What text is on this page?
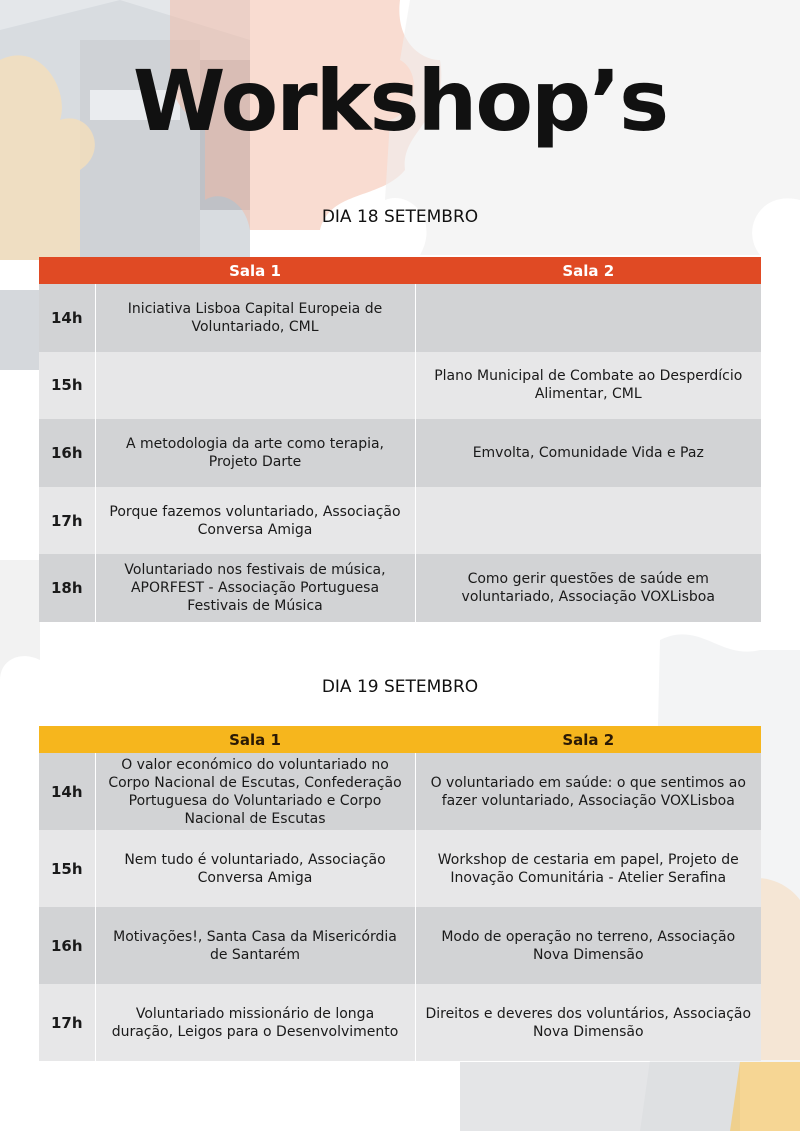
Workshop’s
DIA 18 SETEMBRO
	Sala 1	Sala 2
14h	Iniciativa Lisboa Capital Europeia de Voluntariado, CML	
15h		Plano Municipal de Combate ao Desperdício Alimentar, CML
16h	A metodologia da arte como terapia, Projeto Darte	Emvolta, Comunidade Vida e Paz
17h	Porque fazemos voluntariado, Associação Conversa Amiga	
18h	Voluntariado nos festivais de música, APORFEST - Associação Portuguesa Festivais de Música	Como gerir questões de saúde em voluntariado, Associação VOXLisboa
DIA 19 SETEMBRO
	Sala 1	Sala 2
14h	O valor económico do voluntariado no Corpo Nacional de Escutas, Confederação Portuguesa do Voluntariado e Corpo Nacional de Escutas	O voluntariado em saúde: o que sentimos ao fazer voluntariado, Associação VOXLisboa
15h	Nem tudo é voluntariado, Associação Conversa Amiga	Workshop de cestaria em papel, Projeto de Inovação Comunitária - Atelier Serafina
16h	Motivações!, Santa Casa da Misericórdia de Santarém	Modo de operação no terreno, Associação Nova Dimensão
17h	Voluntariado missionário de longa duração, Leigos para o Desenvolvimento	Direitos e deveres dos voluntários, Associação Nova Dimensão
